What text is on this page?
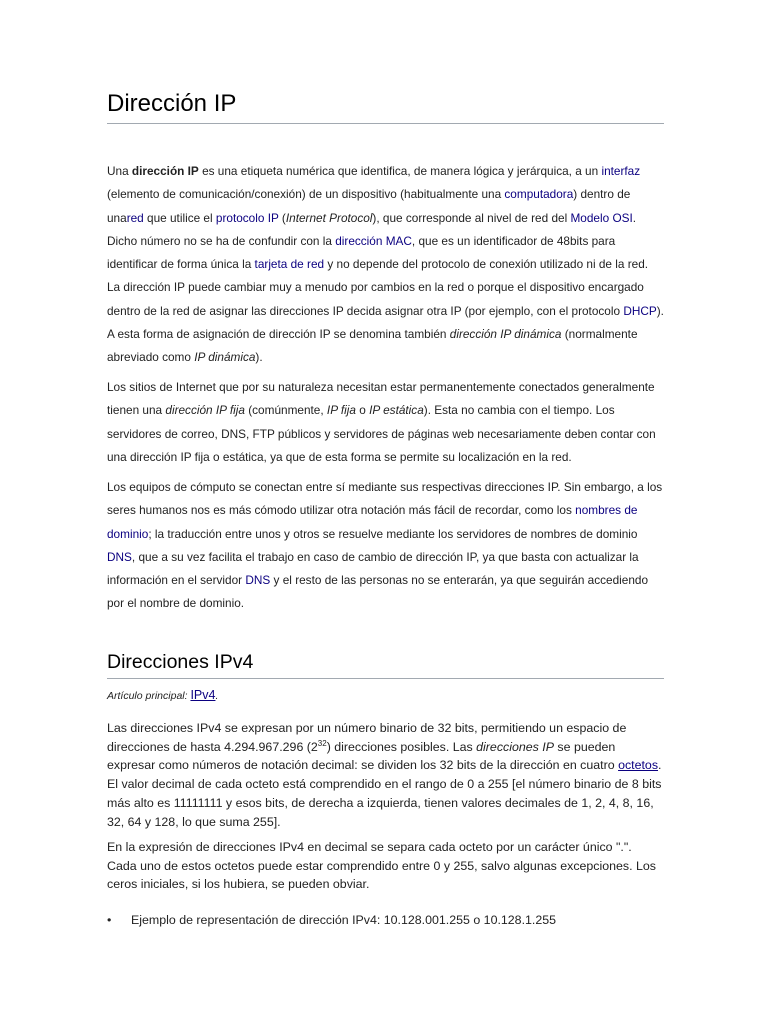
Dirección IP

Una dirección IP es una etiqueta numérica que identifica, de manera lógica y jerárquica, a un interfaz (elemento de comunicación/conexión) de un dispositivo (habitualmente una computadora) dentro de unared que utilice el protocolo IP (Internet Protocol), que corresponde al nivel de red del Modelo OSI. Dicho número no se ha de confundir con la dirección MAC, que es un identificador de 48bits para identificar de forma única la tarjeta de red y no depende del protocolo de conexión utilizado ni de la red. La dirección IP puede cambiar muy a menudo por cambios en la red o porque el dispositivo encargado dentro de la red de asignar las direcciones IP decida asignar otra IP (por ejemplo, con el protocolo DHCP). A esta forma de asignación de dirección IP se denomina también dirección IP dinámica (normalmente abreviado como IP dinámica).

Los sitios de Internet que por su naturaleza necesitan estar permanentemente conectados generalmente tienen una dirección IP fija (comúnmente, IP fija o IP estática). Esta no cambia con el tiempo. Los servidores de correo, DNS, FTP públicos y servidores de páginas web necesariamente deben contar con una dirección IP fija o estática, ya que de esta forma se permite su localización en la red.

Los equipos de cómputo se conectan entre sí mediante sus respectivas direcciones IP. Sin embargo, a los seres humanos nos es más cómodo utilizar otra notación más fácil de recordar, como los nombres de dominio; la traducción entre unos y otros se resuelve mediante los servidores de nombres de dominio DNS, que a su vez facilita el trabajo en caso de cambio de dirección IP, ya que basta con actualizar la información en el servidor DNS y el resto de las personas no se enterarán, ya que seguirán accediendo por el nombre de dominio.

Direcciones IPv4
Artículo principal: IPv4.

Las direcciones IPv4 se expresan por un número binario de 32 bits, permitiendo un espacio de direcciones de hasta 4.294.967.296 $(2^{32})$ direcciones posibles. Las direcciones IP se pueden expresar como números de notación decimal: se dividen los 32 bits de la dirección en cuatro octetos. El valor decimal de cada octeto está comprendido en el rango de 0 a 255 [el número binario de 8 bits más alto es 11111111 y esos bits, de derecha a izquierda, tienen valores decimales de 1, 2, 4, 8, 16, 32, 64 y 128, lo que suma 255].

En la expresión de direcciones IPv4 en decimal se separa cada octeto por un carácter único ".". Cada uno de estos octetos puede estar comprendido entre 0 y 255, salvo algunas excepciones. Los ceros iniciales, si los hubiera, se pueden obviar.

• Ejemplo de representación de dirección IPv4: 10.128.001.255 o 10.128.1.255
